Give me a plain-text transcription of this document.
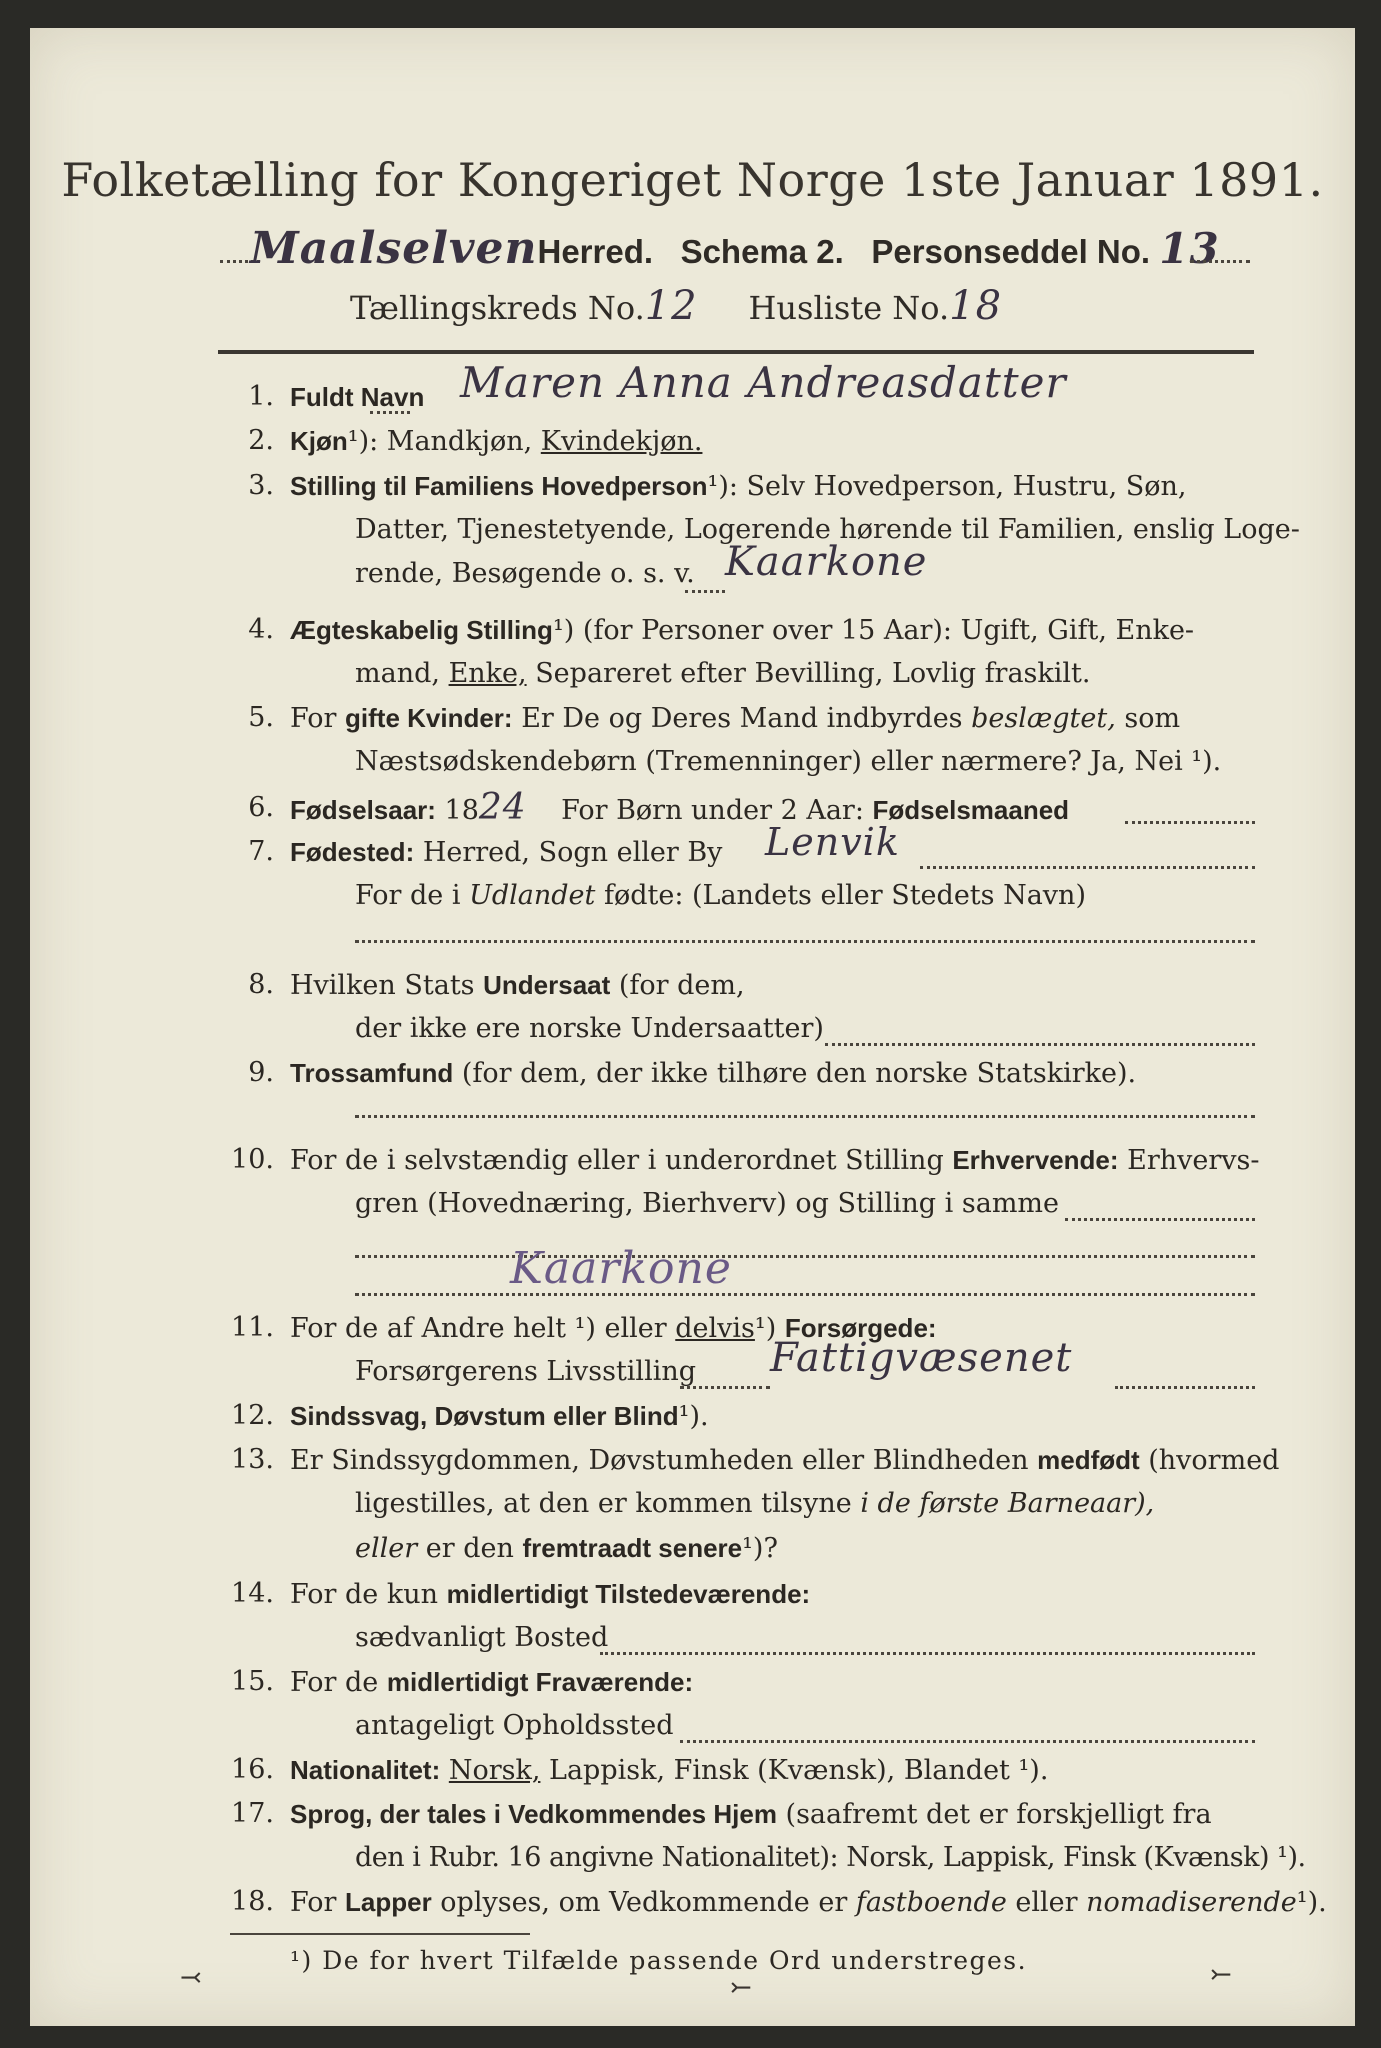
Folketælling for Kongeriget Norge 1ste Januar 1891.
MaalselvenHerred. Schema 2. Personseddel No. 13
Tællingskreds No.12 Husliste No.18
1. Fuldt Navn Maren Anna Andreasdatter
2. Kjøn¹): Mandkjøn, Kvindekjøn.
3. Stilling til Familiens Hovedperson¹): Selv Hovedperson, Hustru, Søn,
Datter, Tjenestetyende, Logerende hørende til Familien, enslig Loge-
rende, Besøgende o. s. v. Kaarkone
4. Ægteskabelig Stilling¹) (for Personer over 15 Aar): Ugift, Gift, Enke-
mand, Enke, Separeret efter Bevilling, Lovlig fraskilt.
5. For gifte Kvinder: Er De og Deres Mand indbyrdes beslægtet, som
Næstsødskendebørn (Tremenninger) eller nærmere? Ja, Nei ¹).
6. Fødselsaar: 1824 For Børn under 2 Aar: Fødselsmaaned
7. Fødested: Herred, Sogn eller By Lenvik
For de i Udlandet fødte: (Landets eller Stedets Navn)
8. Hvilken Stats Undersaat (for dem,
der ikke ere norske Undersaatter)
9. Trossamfund (for dem, der ikke tilhøre den norske Statskirke).
10. For de i selvstændig eller i underordnet Stilling Erhvervende: Erhvervs-
gren (Hovednæring, Bierhverv) og Stilling i samme
Kaarkone
11. For de af Andre helt ¹) eller delvis¹) Forsørgede:
Forsørgerens Livsstilling Fattigvæsenet
12. Sindssvag, Døvstum eller Blind¹).
13. Er Sindssygdommen, Døvstumheden eller Blindheden medfødt (hvormed
ligestilles, at den er kommen tilsyne i de første Barneaar),
eller er den fremtraadt senere¹)?
14. For de kun midlertidigt Tilstedeværende:
sædvanligt Bosted
15. For de midlertidigt Fraværende:
antageligt Opholdssted
16. Nationalitet: Norsk, Lappisk, Finsk (Kvænsk), Blandet ¹).
17. Sprog, der tales i Vedkommendes Hjem (saafremt det er forskjelligt fra
den i Rubr. 16 angivne Nationalitet): Norsk, Lappisk, Finsk (Kvænsk) ¹).
18. For Lapper oplyses, om Vedkommende er fastboende eller nomadiserende¹).
¹) De for hvert Tilfælde passende Ord understreges.
⤙	⤚	⤚
